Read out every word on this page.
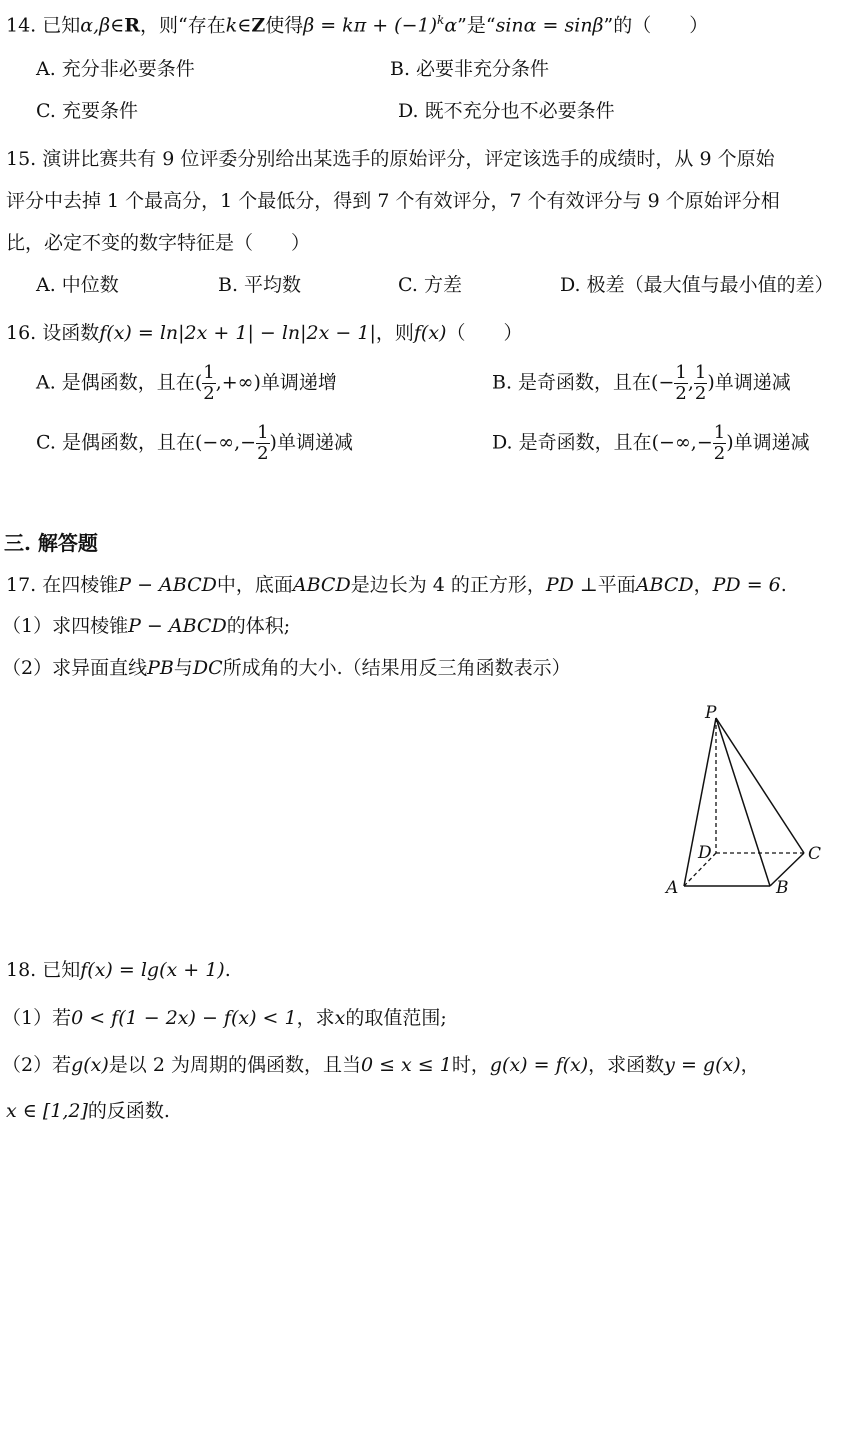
14. 已知α,β∈R，则“存在k∈Z使得$\beta = k\pi + (-1)^k\alpha$”是“sinα = sinβ”的（　　）
A. 充分非必要条件	B. 必要非充分条件
C. 充要条件	D. 既不充分也不必要条件
15. 演讲比赛共有 9 位评委分别给出某选手的原始评分，评定该选手的成绩时，从 9 个原始
评分中去掉 1 个最高分，1 个最低分，得到 7 个有效评分，7 个有效评分与 9 个原始评分相
比，必定不变的数字特征是（　　）
A. 中位数	B. 平均数	C. 方差	D. 极差（最大值与最小值的差）
16. 设函数f(x) = ln|2x + 1| − ln|2x − 1|，则f(x)（　　）
A. 是偶函数，且在( $\frac{1}{2}$ ,+∞)单调递增	B. 是奇函数，且在(− $\frac{1}{2}$ , $\frac{1}{2}$ )单调递减
C. 是偶函数，且在(−∞,− $\frac{1}{2}$ )单调递减	D. 是奇函数，且在(−∞,− $\frac{1}{2}$ )单调递减
三. 解答题
17. 在四棱锥P − ABCD中，底面ABCD是边长为 4 的正方形，PD ⊥平面ABCD，PD = 6.
（1）求四棱锥P − ABCD的体积;
（2）求异面直线PB与DC所成角的大小.（结果用反三角函数表示）
P
D	C
A	B
18. 已知f(x) = lg(x + 1).
（1）若0 < f(1 − 2x) − f(x) < 1，求x的取值范围;
（2）若g(x)是以 2 为周期的偶函数，且当0 ≤ x ≤ 1时，g(x) = f(x)，求函数y = g(x)，
x ∈ [1,2]的反函数.
